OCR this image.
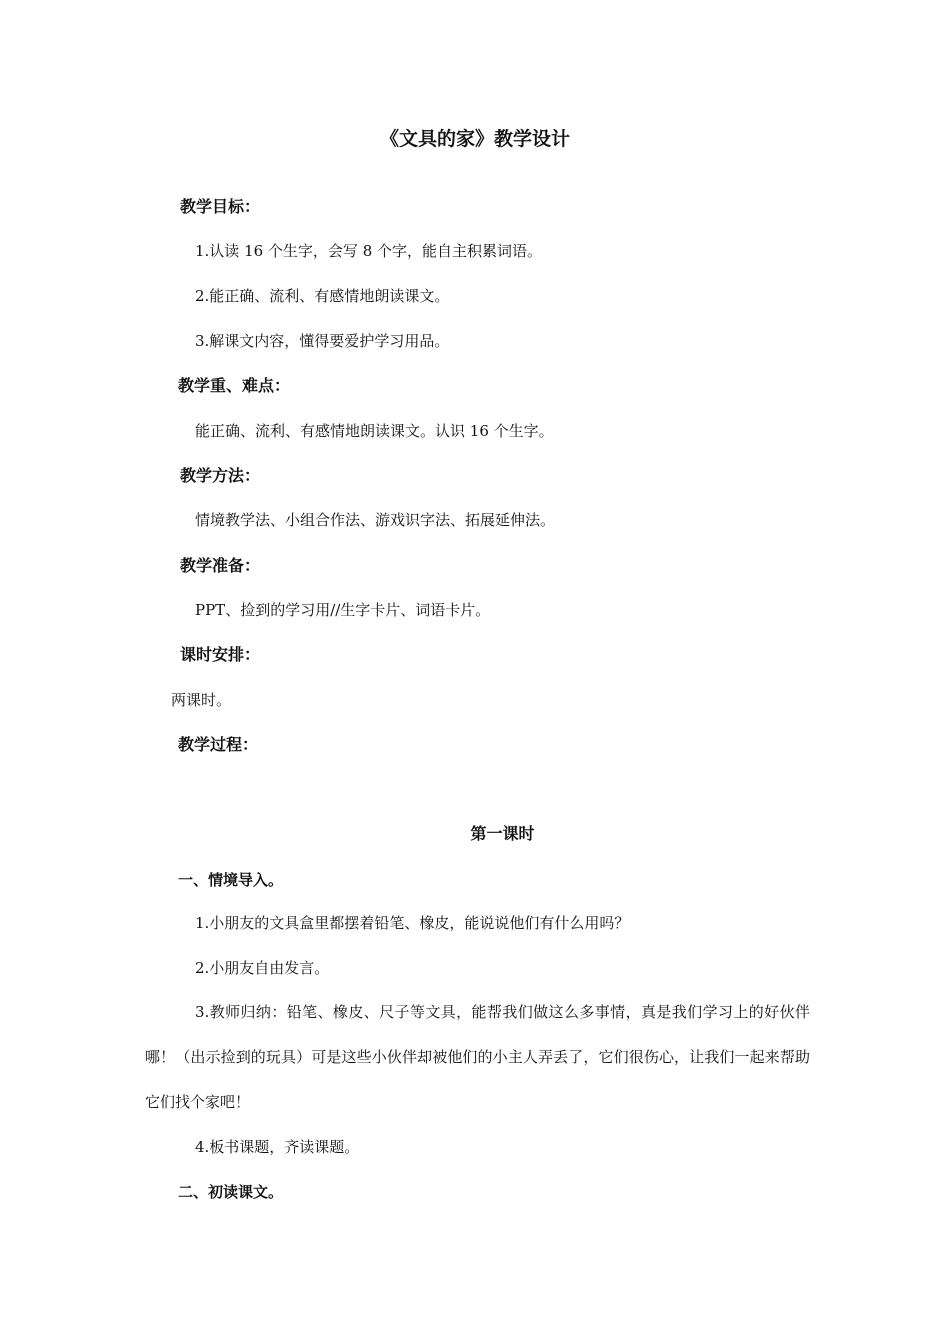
《文具的家》教学设计
教学目标：
1.认读 16 个生字，会写 8 个字，能自主积累词语。
2.能正确、流利、有感情地朗读课文。
3.解课文内容，懂得要爱护学习用品。
教学重、难点：
能正确、流利、有感情地朗读课文。认识 16 个生字。
教学方法：
情境教学法、小组合作法、游戏识字法、拓展延伸法。
教学准备：
PPT、捡到的学习用//生字卡片、词语卡片。
课时安排：
两课时。
教学过程：
第一课时
一、情境导入。
1.小朋友的文具盒里都摆着铅笔、橡皮，能说说他们有什么用吗？
2.小朋友自由发言。
3.教师归纳：铅笔、橡皮、尺子等文具，能帮我们做这么多事情，真是我们学习上的好伙伴哪！（出示捡到的玩具）可是这些小伙伴却被他们的小主人弄丢了，它们很伤心，让我们一起来帮助它们找个家吧！
4.板书课题，齐读课题。
二、初读课文。
